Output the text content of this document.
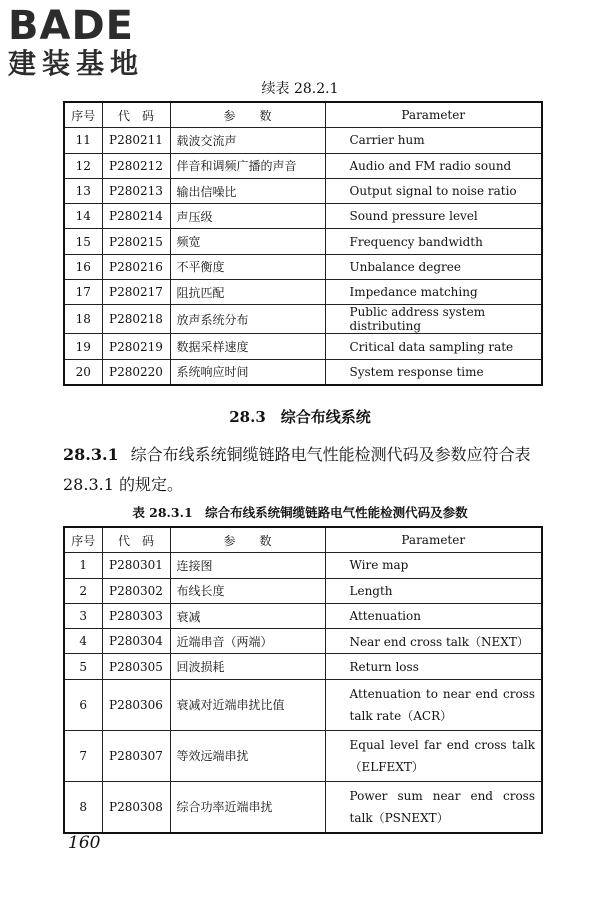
BADE
建装基地
续表 28.2.1
序号	代　码	参　　数	Parameter
11	P280211	载波交流声	Carrier hum
12	P280212	伴音和调频广播的声音	Audio and FM radio sound
13	P280213	输出信噪比	Output signal to noise ratio
14	P280214	声压级	Sound pressure level
15	P280215	频宽	Frequency bandwidth
16	P280216	不平衡度	Unbalance degree
17	P280217	阻抗匹配	Impedance matching
18	P280218	放声系统分布	Public address system distributing
19	P280219	数据采样速度	Critical data sampling rate
20	P280220	系统响应时间	System response time
28.3　综合布线系统
28.3.1 综合布线系统铜缆链路电气性能检测代码及参数应符合表 28.3.1 的规定。
表 28.3.1　综合布线系统铜缆链路电气性能检测代码及参数
序号	代　码	参　　数	Parameter
1	P280301	连接图	Wire map
2	P280302	布线长度	Length
3	P280303	衰减	Attenuation
4	P280304	近端串音（两端）	Near end cross talk（NEXT）
5	P280305	回波损耗	Return loss
6	P280306	衰减对近端串扰比值	Attenuation to near end cross talk rate（ACR）
7	P280307	等效远端串扰	Equal level far end cross talk（ELFEXT）
8	P280308	综合功率近端串扰	Power sum near end cross talk（PSNEXT）
160
